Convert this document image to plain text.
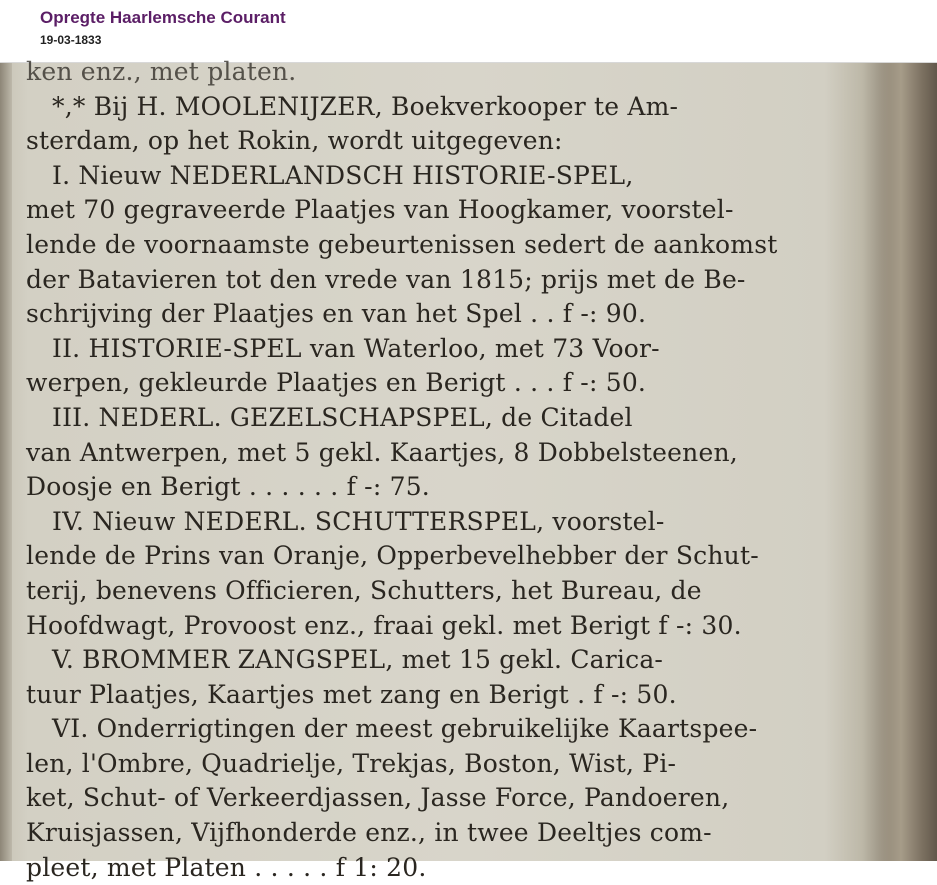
Opregte Haarlemsche Courant
19-03-1833
ken enz., met platen.
*,* Bij H. MOOLENIJZER, Boekverkooper te Am-
sterdam, op het Rokin, wordt uitgegeven:
I. Nieuw NEDERLANDSCH HISTORIE-SPEL,
met 70 gegraveerde Plaatjes van Hoogkamer, voorstel-
lende de voornaamste gebeurtenissen sedert de aankomst
der Batavieren tot den vrede van 1815; prijs met de Be-
schrijving der Plaatjes en van het Spel . . f -: 90.
II. HISTORIE-SPEL van Waterloo, met 73 Voor-
werpen, gekleurde Plaatjes en Berigt . . . f -: 50.
III. NEDERL. GEZELSCHAPSPEL, de Citadel
van Antwerpen, met 5 gekl. Kaartjes, 8 Dobbelsteenen,
Doosje en Berigt . . . . . . f -: 75.
IV. Nieuw NEDERL. SCHUTTERSPEL, voorstel-
lende de Prins van Oranje, Opperbevelhebber der Schut-
terij, benevens Officieren, Schutters, het Bureau, de
Hoofdwagt, Provoost enz., fraai gekl. met Berigt f -: 30.
V. BROMMER ZANGSPEL, met 15 gekl. Carica-
tuur Plaatjes, Kaartjes met zang en Berigt . f -: 50.
VI. Onderrigtingen der meest gebruikelijke Kaartspee-
len, l'Ombre, Quadrielje, Trekjas, Boston, Wist, Pi-
ket, Schut- of Verkeerdjassen, Jasse Force, Pandoeren,
Kruisjassen, Vijfhonderde enz., in twee Deeltjes com-
pleet, met Platen . . . . . f 1: 20.
